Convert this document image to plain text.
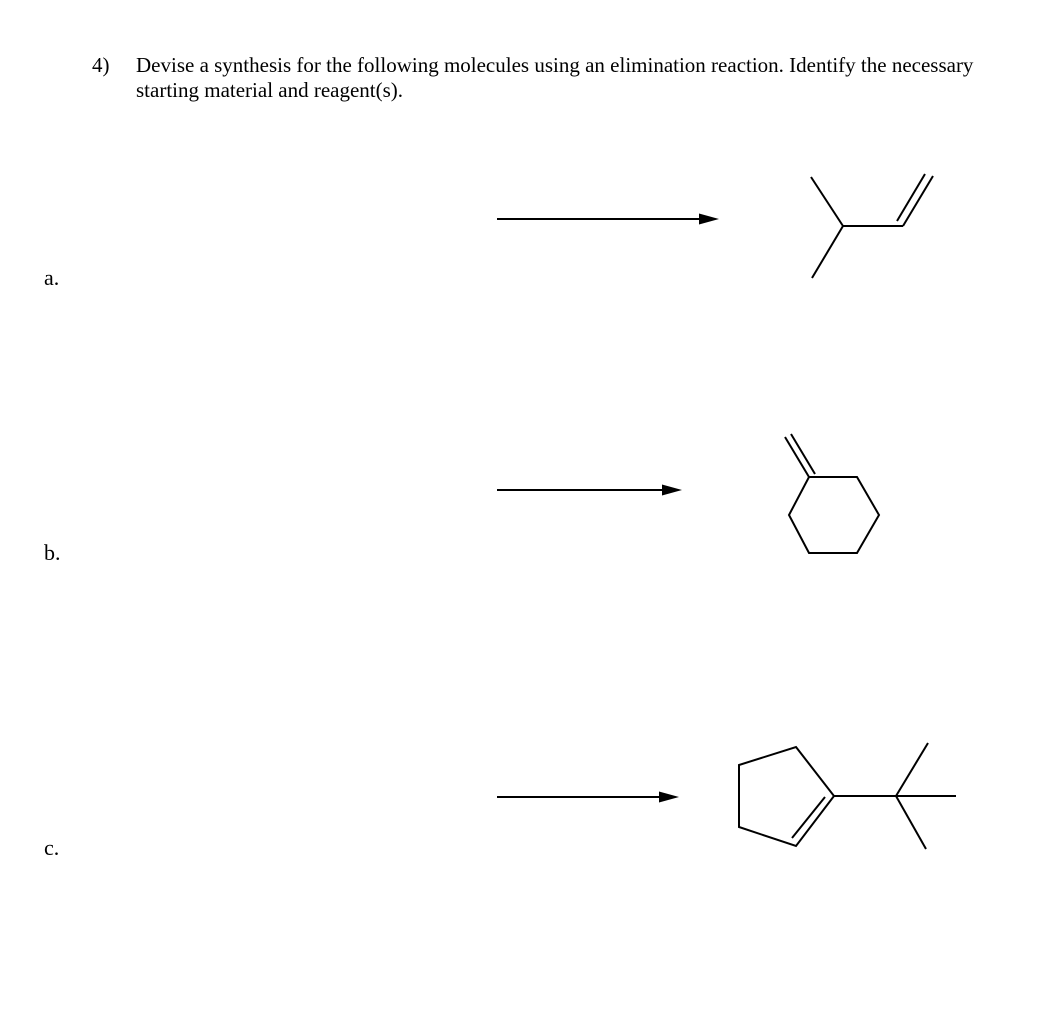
4) Devise a synthesis for the following molecules using an elimination reaction. Identify the necessary starting material and reagent(s).
a.
b.
c.
